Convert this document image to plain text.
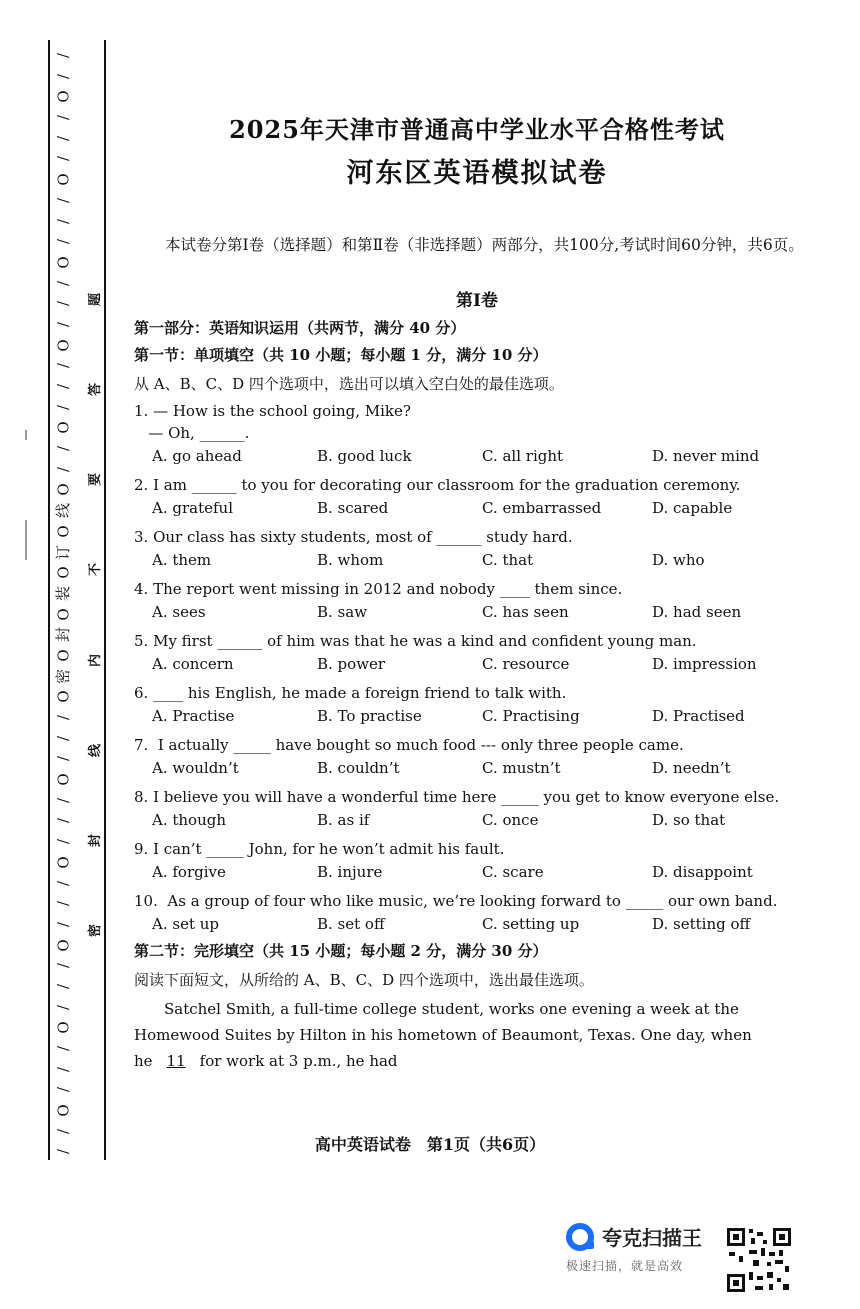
/
/
O
/
/
/
O
/
/
/
O
/
/
/
O
/
/
/
O
/
/
O
线
O
订
O
装
O
封
O
密
O
/
/
/
O
/
/
/
O
/
/
/
O
/
/
/
O
/
/
/
O
/
/
题
答
要
不
内
线
封
密
2025年天津市普通高中学业水平合格性考试
河东区英语模拟试卷
本试卷分第Ⅰ卷（选择题）和第Ⅱ卷（非选择题）两部分，共100分,考试时间60分钟，共6页。
第Ⅰ卷
第一部分：英语知识运用（共两节，满分 40 分）
第一节：单项填空（共 10 小题；每小题 1 分，满分 10 分）
从 A、B、C、D 四个选项中，选出可以填入空白处的最佳选项。
1. — How is the school going, Mike?
— Oh, ______.
A. go ahead	B. good luck	C. all right	D. never mind
2. I am ______ to you for decorating our classroom for the graduation ceremony.
A. grateful	B. scared	C. embarrassed	D. capable
3. Our class has sixty students, most of ______ study hard.
A. them	B. whom	C. that	D. who
4. The report went missing in 2012 and nobody ____ them since.
A. sees	B. saw	C. has seen	D. had seen
5. My first ______ of him was that he was a kind and confident young man.
A. concern	B. power	C. resource	D. impression
6. ____ his English, he made a foreign friend to talk with.
A. Practise	B. To practise	C. Practising	D. Practised
7.  I actually _____ have bought so much food --- only three people came.
A. wouldn’t	B. couldn’t	C. mustn’t	D. needn’t
8. I believe you will have a wonderful time here _____ you get to know everyone else.
A. though	B. as if	C. once	D. so that
9. I can’t _____ John, for he won’t admit his fault.
A. forgive	B. injure	C. scare	D. disappoint
10.  As a group of four who like music, we’re looking forward to _____ our own band.
A. set up	B. set off	C. setting up	D. setting off
第二节：完形填空（共 15 小题；每小题 2 分，满分 30 分）
阅读下面短文，从所给的 A、B、C、D 四个选项中，选出最佳选项。
Satchel Smith, a full-time college student, works one evening a week at the Homewood Suites by Hilton in his hometown of Beaumont, Texas. One day, when he 11 for work at 3 p.m., he had
高中英语试卷　第1页（共6页）
夸克扫描王
极速扫描，就是高效
